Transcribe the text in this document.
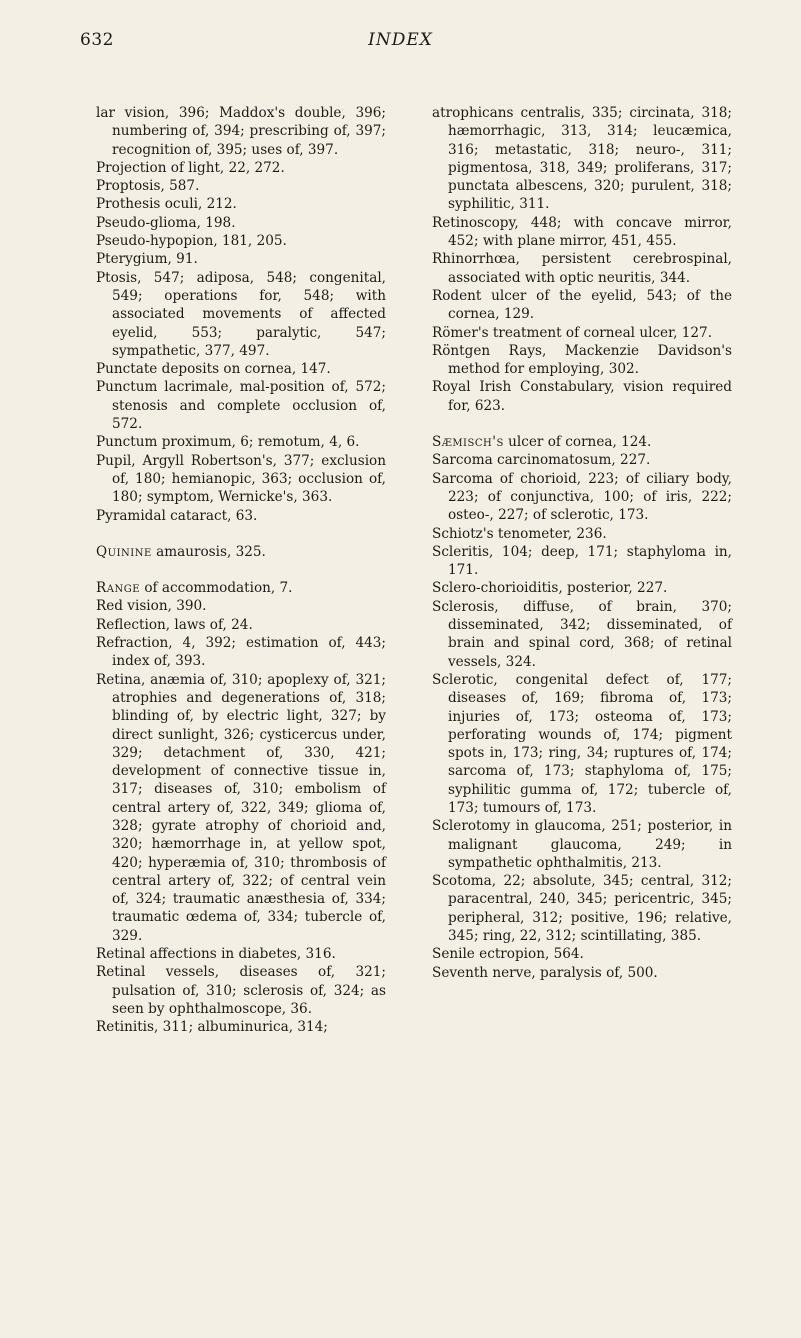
632	INDEX

lar vision, 396; Maddox's double, 396; numbering of, 394; prescribing of, 397; recognition of, 395; uses of, 397.

Projection of light, 22, 272.

Proptosis, 587.

Prothesis oculi, 212.

Pseudo-glioma, 198.

Pseudo-hypopion, 181, 205.

Pterygium, 91.

Ptosis, 547; adiposa, 548; congenital, 549; operations for, 548; with associated movements of affected eyelid, 553; paralytic, 547; sympathetic, 377, 497.

Punctate deposits on cornea, 147.

Punctum lacrimale, mal-position of, 572; stenosis and complete occlusion of, 572.

Punctum proximum, 6; remotum, 4, 6.

Pupil, Argyll Robertson's, 377; exclusion of, 180; hemianopic, 363; occlusion of, 180; symptom, Wernicke's, 363.

Pyramidal cataract, 63.

Quinine amaurosis, 325.

Range of accommodation, 7.

Red vision, 390.

Reflection, laws of, 24.

Refraction, 4, 392; estimation of, 443; index of, 393.

Retina, anæmia of, 310; apoplexy of, 321; atrophies and degenerations of, 318; blinding of, by electric light, 327; by direct sunlight, 326; cysticercus under, 329; detachment of, 330, 421; development of connective tissue in, 317; diseases of, 310; embolism of central artery of, 322, 349; glioma of, 328; gyrate atrophy of chorioid and, 320; hæmorrhage in, at yellow spot, 420; hyperæmia of, 310; thrombosis of central artery of, 322; of central vein of, 324; traumatic anæsthesia of, 334; traumatic œdema of, 334; tubercle of, 329.

Retinal affections in diabetes, 316.

Retinal vessels, diseases of, 321; pulsation of, 310; sclerosis of, 324; as seen by ophthalmoscope, 36.

Retinitis, 311; albuminurica, 314;

atrophicans centralis, 335; circinata, 318; hæmorrhagic, 313, 314; leucæmica, 316; metastatic, 318; neuro-, 311; pigmentosa, 318, 349; proliferans, 317; punctata albescens, 320; purulent, 318; syphilitic, 311.

Retinoscopy, 448; with concave mirror, 452; with plane mirror, 451, 455.

Rhinorrhœa, persistent cerebrospinal, associated with optic neuritis, 344.

Rodent ulcer of the eyelid, 543; of the cornea, 129.

Römer's treatment of corneal ulcer, 127.

Röntgen Rays, Mackenzie Davidson's method for employing, 302.

Royal Irish Constabulary, vision required for, 623.

Sæmisch's ulcer of cornea, 124.

Sarcoma carcinomatosum, 227.

Sarcoma of chorioid, 223; of ciliary body, 223; of conjunctiva, 100; of iris, 222; osteo-, 227; of sclerotic, 173.

Schiotz's tenometer, 236.

Scleritis, 104; deep, 171; staphyloma in, 171.

Sclero-chorioiditis, posterior, 227.

Sclerosis, diffuse, of brain, 370; disseminated, 342; disseminated, of brain and spinal cord, 368; of retinal vessels, 324.

Sclerotic, congenital defect of, 177; diseases of, 169; fibroma of, 173; injuries of, 173; osteoma of, 173; perforating wounds of, 174; pigment spots in, 173; ring, 34; ruptures of, 174; sarcoma of, 173; staphyloma of, 175; syphilitic gumma of, 172; tubercle of, 173; tumours of, 173.

Sclerotomy in glaucoma, 251; posterior, in malignant glaucoma, 249; in sympathetic ophthalmitis, 213.

Scotoma, 22; absolute, 345; central, 312; paracentral, 240, 345; pericentric, 345; peripheral, 312; positive, 196; relative, 345; ring, 22, 312; scintillating, 385.

Senile ectropion, 564.

Seventh nerve, paralysis of, 500.
